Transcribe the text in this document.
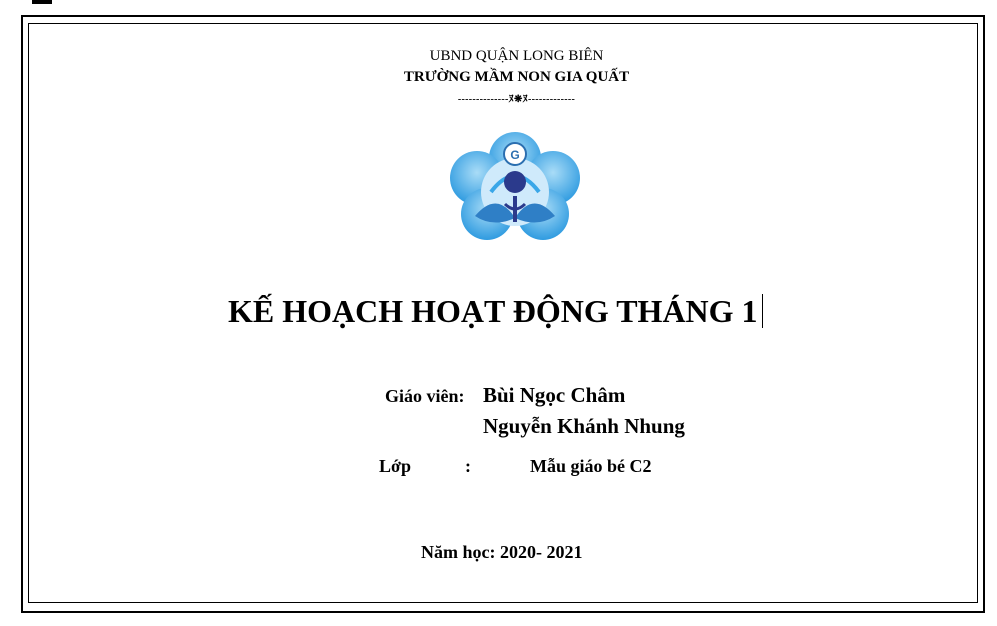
UBND QUẬN LONG BIÊN
TRƯỜNG MẦM NON GIA QUẤT
--------------ﾇ❋ﾇ-------------
G
KẾ HOẠCH HOẠT ĐỘNG THÁNG 1
Giáo viên: Bùi Ngọc Châm
Nguyễn Khánh Nhung
Lớp	:	Mẫu giáo bé C2
Năm học: 2020- 2021
